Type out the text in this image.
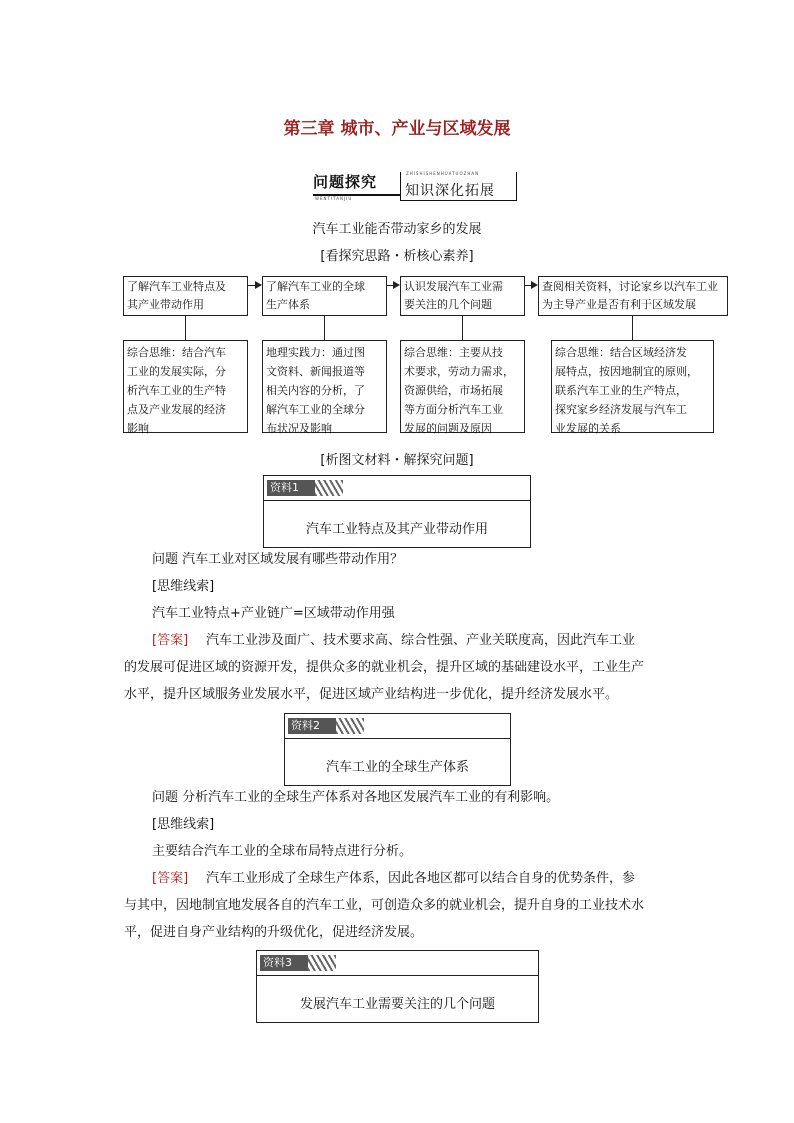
第三章 城市、产业与区域发展
问题探究
WENTITANJIU
ZHISHISHENHUATUOZHAN
知识深化拓展
汽车工业能否带动家乡的发展
[看探究思路・析核心素养]
了解汽车工业特点及
其产业带动作用
了解汽车工业的全球
生产体系
认识发展汽车工业需
要关注的几个问题
查阅相关资料，讨论家乡以汽车工业
为主导产业是否有利于区域发展
综合思维：结合汽车
工业的发展实际，分
析汽车工业的生产特
点及产业发展的经济
影响
地理实践力：通过图
文资料、新闻报道等
相关内容的分析，了
解汽车工业的全球分
布状况及影响
综合思维：主要从技
术要求，劳动力需求，
资源供给，市场拓展
等方面分析汽车工业
发展的问题及原因
综合思维：结合区域经济发
展特点，按因地制宜的原则，
联系汽车工业的生产特点，
探究家乡经济发展与汽车工
业发展的关系
[析图文材料・解探究问题]
资料1
汽车工业特点及其产业带动作用
问题 汽车工业对区域发展有哪些带动作用？
[思维线索]
汽车工业特点+产业链广=区域带动作用强
[答案] 汽车工业涉及面广、技术要求高、综合性强、产业关联度高，因此汽车工业
的发展可促进区域的资源开发，提供众多的就业机会，提升区域的基础建设水平，工业生产
水平，提升区域服务业发展水平，促进区域产业结构进一步优化，提升经济发展水平。
资料2
汽车工业的全球生产体系
问题 分析汽车工业的全球生产体系对各地区发展汽车工业的有利影响。
[思维线索]
主要结合汽车工业的全球布局特点进行分析。
[答案] 汽车工业形成了全球生产体系，因此各地区都可以结合自身的优势条件，参
与其中，因地制宜地发展各自的汽车工业，可创造众多的就业机会，提升自身的工业技术水
平，促进自身产业结构的升级优化，促进经济发展。
资料3
发展汽车工业需要关注的几个问题
